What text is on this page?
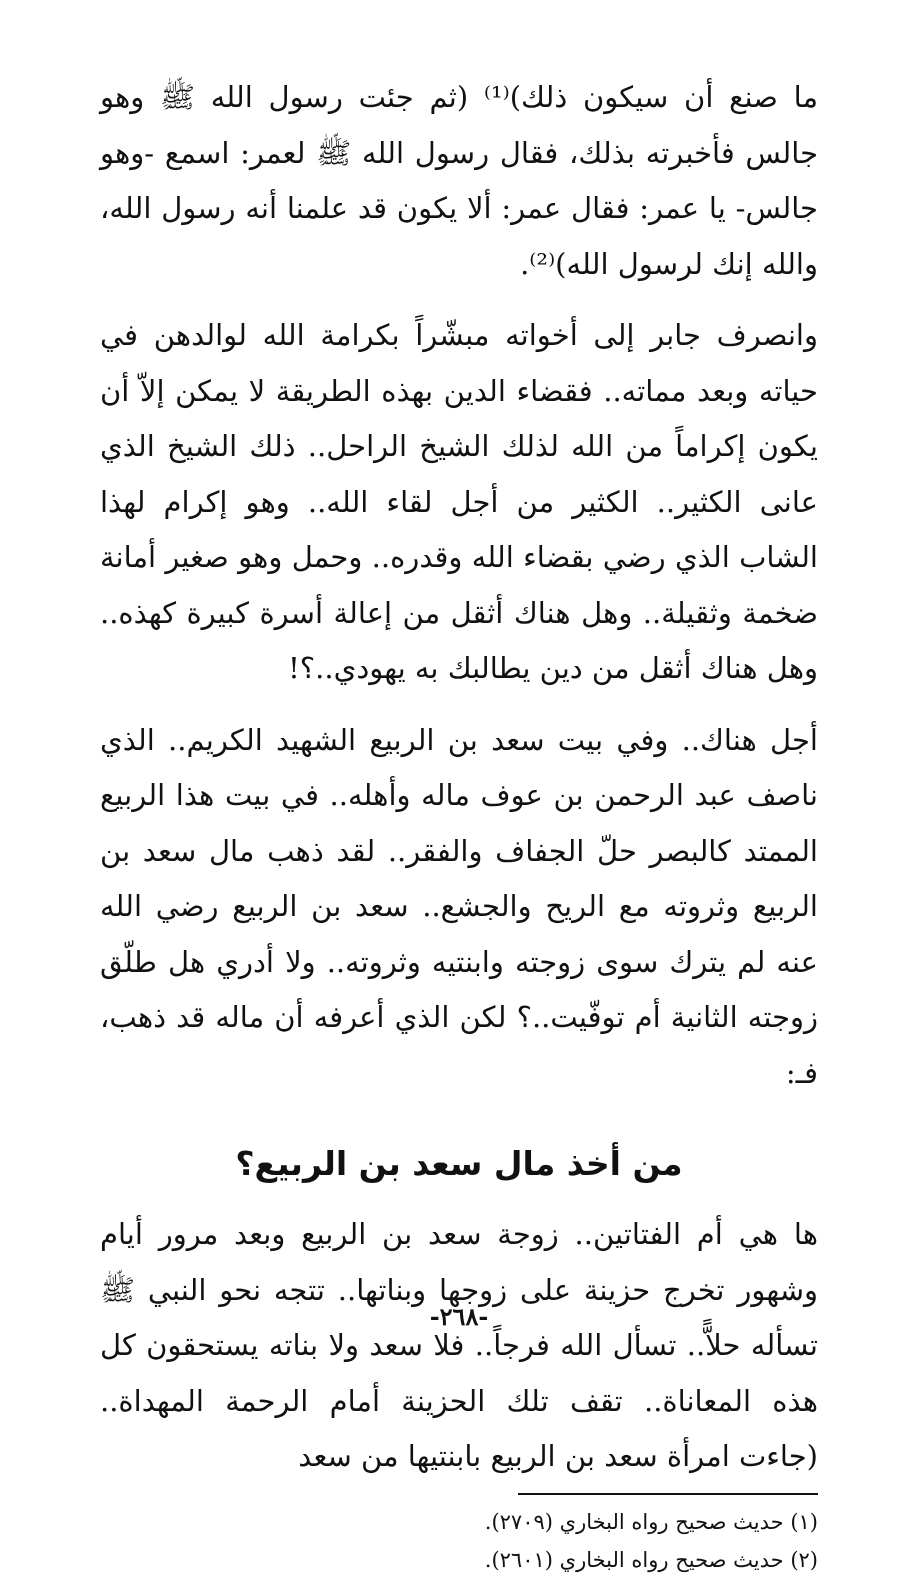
ما صنع أن سيكون ذلك)⁽¹⁾ (ثم جئت رسول الله ﷺ وهو جالس فأخبرته بذلك، فقال رسول الله ﷺ لعمر: اسمع -وهو جالس- يا عمر: فقال عمر: ألا يكون قد علمنا أنه رسول الله، والله إنك لرسول الله)⁽²⁾.

وانصرف جابر إلى أخواته مبشّراً بكرامة الله لوالدهن في حياته وبعد مماته.. فقضاء الدين بهذه الطريقة لا يمكن إلاّ أن يكون إكراماً من الله لذلك الشيخ الراحل.. ذلك الشيخ الذي عانى الكثير.. الكثير من أجل لقاء الله.. وهو إكرام لهذا الشاب الذي رضي بقضاء الله وقدره.. وحمل وهو صغير أمانة ضخمة وثقيلة.. وهل هناك أثقل من إعالة أسرة كبيرة كهذه.. وهل هناك أثقل من دين يطالبك به يهودي..؟!

أجل هناك.. وفي بيت سعد بن الربيع الشهيد الكريم.. الذي ناصف عبد الرحمن بن عوف ماله وأهله.. في بيت هذا الربيع الممتد كالبصر حلّ الجفاف والفقر.. لقد ذهب مال سعد بن الربيع وثروته مع الريح والجشع.. سعد بن الربيع رضي الله عنه لم يترك سوى زوجته وابنتيه وثروته.. ولا أدري هل طلّق زوجته الثانية أم توفّيت..؟ لكن الذي أعرفه أن ماله قد ذهب، فـ:

من أخذ مال سعد بن الربيع؟

ها هي أم الفتاتين.. زوجة سعد بن الربيع وبعد مرور أيام وشهور تخرج حزينة على زوجها وبناتها.. تتجه نحو النبي ﷺ تسأله حلاًّ.. تسأل الله فرجاً.. فلا سعد ولا بناته يستحقون كل هذه المعاناة.. تقف تلك الحزينة أمام الرحمة المهداة.. (جاءت امرأة سعد بن الربيع بابنتيها من سعد

(١) حديث صحيح رواه البخاري (٢٧٠٩).

(٢) حديث صحيح رواه البخاري (٢٦٠١).

-٢٦٨-
